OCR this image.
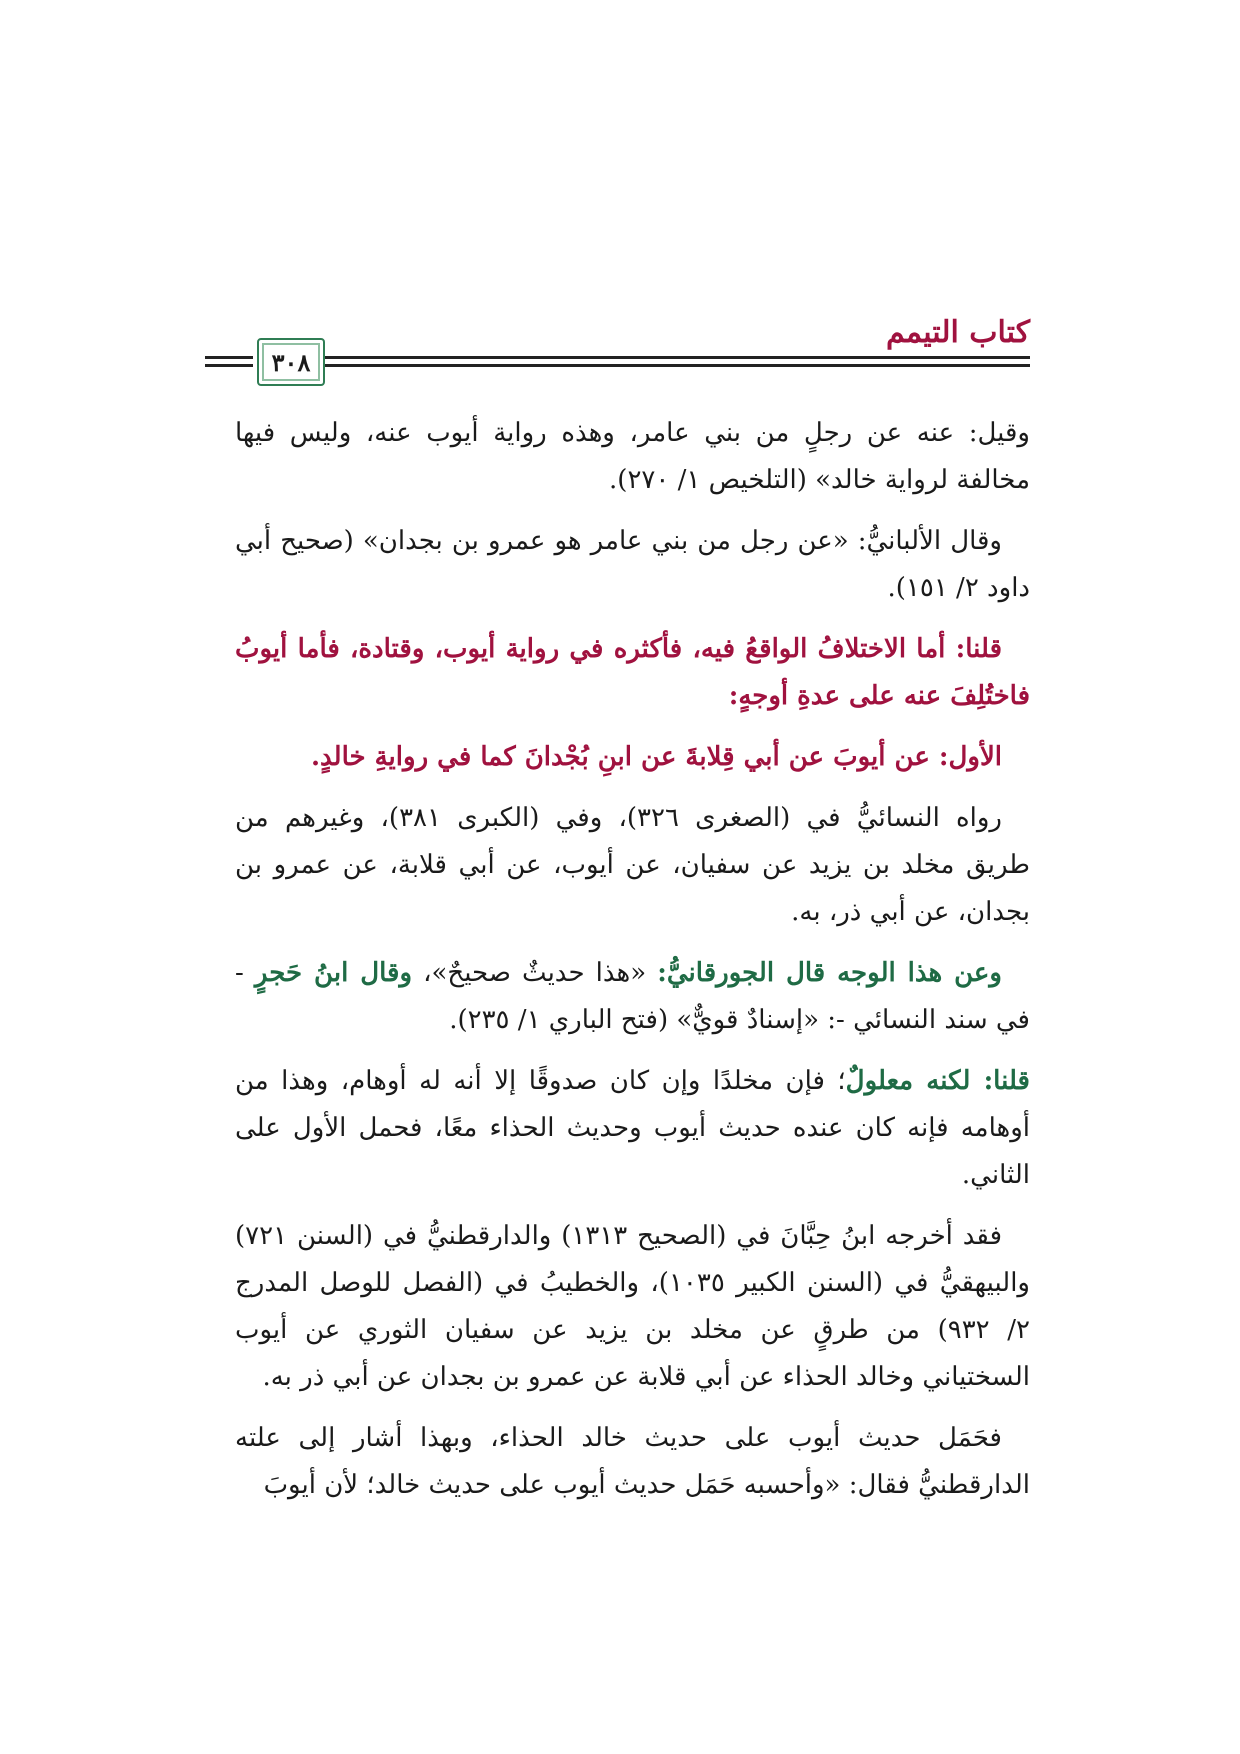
كتاب التيمم
٣٠٨

وقيل: عنه عن رجلٍ من بني عامر، وهذه رواية أيوب عنه، وليس فيها مخالفة لرواية خالد» (التلخيص ١/ ٢٧٠).

وقال الألبانيُّ: «عن رجل من بني عامر هو عمرو بن بجدان» (صحيح أبي داود ٢/ ١٥١).

قلنا: أما الاختلافُ الواقعُ فيه، فأكثره في رواية أيوب، وقتادة، فأما أيوبُ فاختُلِفَ عنه على عدةِ أوجهٍ:

الأول: عن أيوبَ عن أبي قِلابةَ عن ابنِ بُجْدانَ كما في روايةِ خالدٍ.

رواه النسائيُّ في (الصغرى ٣٢٦)، وفي (الكبرى ٣٨١)، وغيرهم من طريق مخلد بن يزيد عن سفيان، عن أيوب، عن أبي قلابة، عن عمرو بن بجدان، عن أبي ذر، به.

وعن هذا الوجه قال الجورقانيُّ: «هذا حديثٌ صحيحٌ»، وقال ابنُ حَجرٍ - في سند النسائي -: «إسنادٌ قويٌّ» (فتح الباري ١/ ٢٣٥).

قلنا: لكنه معلولٌ؛ فإن مخلدًا وإن كان صدوقًا إلا أنه له أوهام، وهذا من أوهامه فإنه كان عنده حديث أيوب وحديث الحذاء معًا، فحمل الأول على الثاني.

فقد أخرجه ابنُ حِبَّانَ في (الصحيح ١٣١٣) والدارقطنيُّ في (السنن ٧٢١) والبيهقيُّ في (السنن الكبير ١٠٣٥)، والخطيبُ في (الفصل للوصل المدرج ٢/ ٩٣٢) من طرقٍ عن مخلد بن يزيد عن سفيان الثوري عن أيوب السختياني وخالد الحذاء عن أبي قلابة عن عمرو بن بجدان عن أبي ذر به.

فحَمَل حديث أيوب على حديث خالد الحذاء، وبهذا أشار إلى علته الدارقطنيُّ فقال: «وأحسبه حَمَل حديث أيوب على حديث خالد؛ لأن أيوبَ
